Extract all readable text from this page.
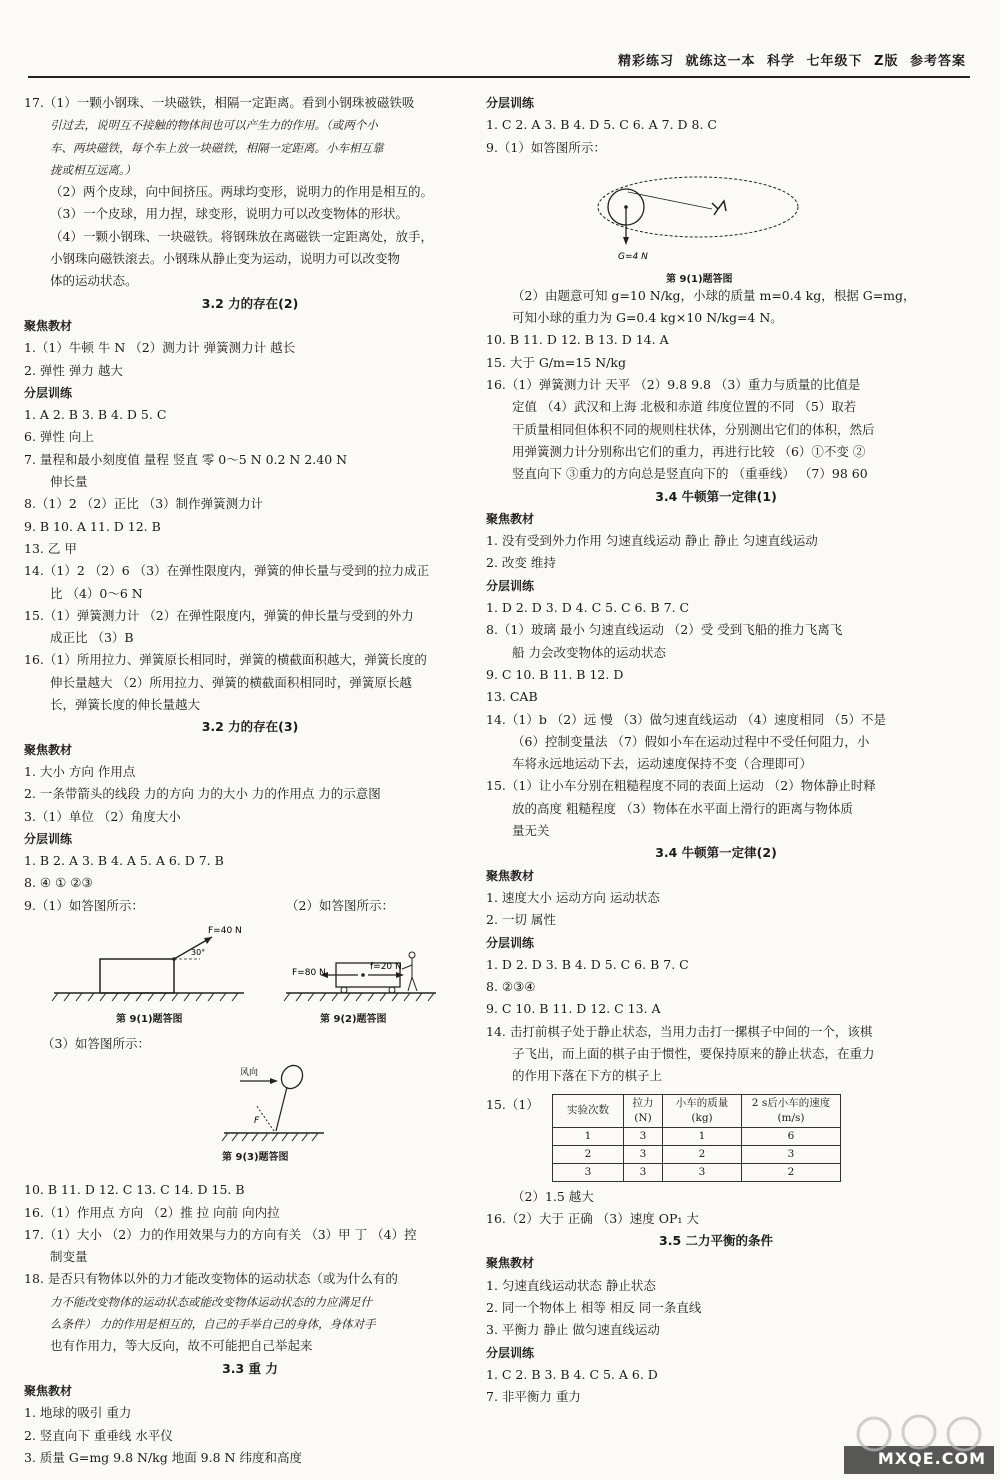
精彩练习 就练这一本 科学 七年级下 Z版 参考答案
17.（1）一颗小钢珠、一块磁铁，相隔一定距离。看到小钢珠被磁铁吸
引过去，说明互不接触的物体间也可以产生力的作用。（或两个小
车、两块磁铁，每个车上放一块磁铁，相隔一定距离。小车相互靠
拢或相互远离。）
（2）两个皮球，向中间挤压。两球均变形，说明力的作用是相互的。
（3）一个皮球，用力捏，球变形，说明力可以改变物体的形状。
（4）一颗小钢珠、一块磁铁。将钢珠放在离磁铁一定距离处，放手，
小钢珠向磁铁滚去。小钢珠从静止变为运动，说明力可以改变物
体的运动状态。
3.2 力的存在(2)
聚焦教材
1.（1）牛顿 牛 N （2）测力计 弹簧测力计 越长
2. 弹性 弹力 越大
分层训练
1. A 2. B 3. B 4. D 5. C
6. 弹性 向上
7. 量程和最小刻度值 量程 竖直 零 0～5 N 0.2 N 2.40 N
伸长量
8.（1）2 （2）正比 （3）制作弹簧测力计
9. B 10. A 11. D 12. B
13. 乙 甲
14.（1）2 （2）6 （3）在弹性限度内，弹簧的伸长量与受到的拉力成正
比 （4）0～6 N
15.（1）弹簧测力计 （2）在弹性限度内，弹簧的伸长量与受到的外力
成正比 （3）B
16.（1）所用拉力、弹簧原长相同时，弹簧的横截面积越大，弹簧长度的
伸长量越大 （2）所用拉力、弹簧的横截面积相同时，弹簧原长越
长，弹簧长度的伸长量越大
3.2 力的存在(3)
聚焦教材
1. 大小 方向 作用点
2. 一条带箭头的线段 力的方向 力的大小 力的作用点 力的示意图
3.（1）单位 （2）角度大小
分层训练
1. B 2. A 3. B 4. A 5. A 6. D 7. B
8. ④ ① ②③
9.（1）如答图所示：	（2）如答图所示：
F=40 N
30°
F=80 N
f=20 N
第 9(1)题答图	第 9(2)题答图
（3）如答图所示：
风向
F
第 9(3)题答图
10. B 11. D 12. C 13. C 14. D 15. B
16.（1）作用点 方向 （2）推 拉 向前 向内拉
17.（1）大小 （2）力的作用效果与力的方向有关 （3）甲 丁 （4）控
制变量
18. 是否只有物体以外的力才能改变物体的运动状态（或为什么有的
力不能改变物体的运动状态或能改变物体运动状态的力应满足什
么条件） 力的作用是相互的，自己的手举自己的身体，身体对手
也有作用力，等大反向，故不可能把自己举起来
3.3 重 力
聚焦教材
1. 地球的吸引 重力
2. 竖直向下 重垂线 水平仪
3. 质量 G=mg 9.8 N/kg 地面 9.8 N 纬度和高度
分层训练
1. C 2. A 3. B 4. D 5. C 6. A 7. D 8. C
9.（1）如答图所示：
G=4 N
第 9(1)题答图
（2）由题意可知 g=10 N/kg，小球的质量 m=0.4 kg，根据 G=mg，
可知小球的重力为 G=0.4 kg×10 N/kg=4 N。
10. B 11. D 12. B 13. D 14. A
15. 大于 G/m=15 N/kg
16.（1）弹簧测力计 天平 （2）9.8 9.8 （3）重力与质量的比值是
定值 （4）武汉和上海 北极和赤道 纬度位置的不同 （5）取若
干质量相同但体积不同的规则柱状体，分别测出它们的体积，然后
用弹簧测力计分别称出它们的重力，再进行比较 （6）①不变 ②
竖直向下 ③重力的方向总是竖直向下的 （重垂线） （7）98 60
3.4 牛顿第一定律(1)
聚焦教材
1. 没有受到外力作用 匀速直线运动 静止 静止 匀速直线运动
2. 改变 维持
分层训练
1. D 2. D 3. D 4. C 5. C 6. B 7. C
8.（1）玻璃 最小 匀速直线运动 （2）受 受到飞船的推力飞离飞
船 力会改变物体的运动状态
9. C 10. B 11. B 12. D
13. CAB
14.（1）b （2）远 慢 （3）做匀速直线运动 （4）速度相同 （5）不是
（6）控制变量法 （7）假如小车在运动过程中不受任何阻力，小
车将永远地运动下去，运动速度保持不变（合理即可）
15.（1）让小车分别在粗糙程度不同的表面上运动 （2）物体静止时释
放的高度 粗糙程度 （3）物体在水平面上滑行的距离与物体质
量无关
3.4 牛顿第一定律(2)
聚焦教材
1. 速度大小 运动方向 运动状态
2. 一切 属性
分层训练
1. D 2. D 3. B 4. D 5. C 6. B 7. C
8. ②③④
9. C 10. B 11. D 12. C 13. A
14. 击打前棋子处于静止状态，当用力击打一摞棋子中间的一个，该棋
子飞出，而上面的棋子由于惯性，要保持原来的静止状态，在重力
的作用下落在下方的棋子上
15.（1）	实验次数	拉力(N)	小车的质量(kg)	2 s后小车的速度(m/s)
1	3	1	6
2	3	2	3
3	3	3	2
（2）1.5 越大
16.（2）大于 正确 （3）速度 OP₁ 大
3.5 二力平衡的条件
聚焦教材
1. 匀速直线运动状态 静止状态
2. 同一个物体上 相等 相反 同一条直线
3. 平衡力 静止 做匀速直线运动
分层训练
1. C 2. B 3. B 4. C 5. A 6. D
7. 非平衡力 重力
MXQE.COM
